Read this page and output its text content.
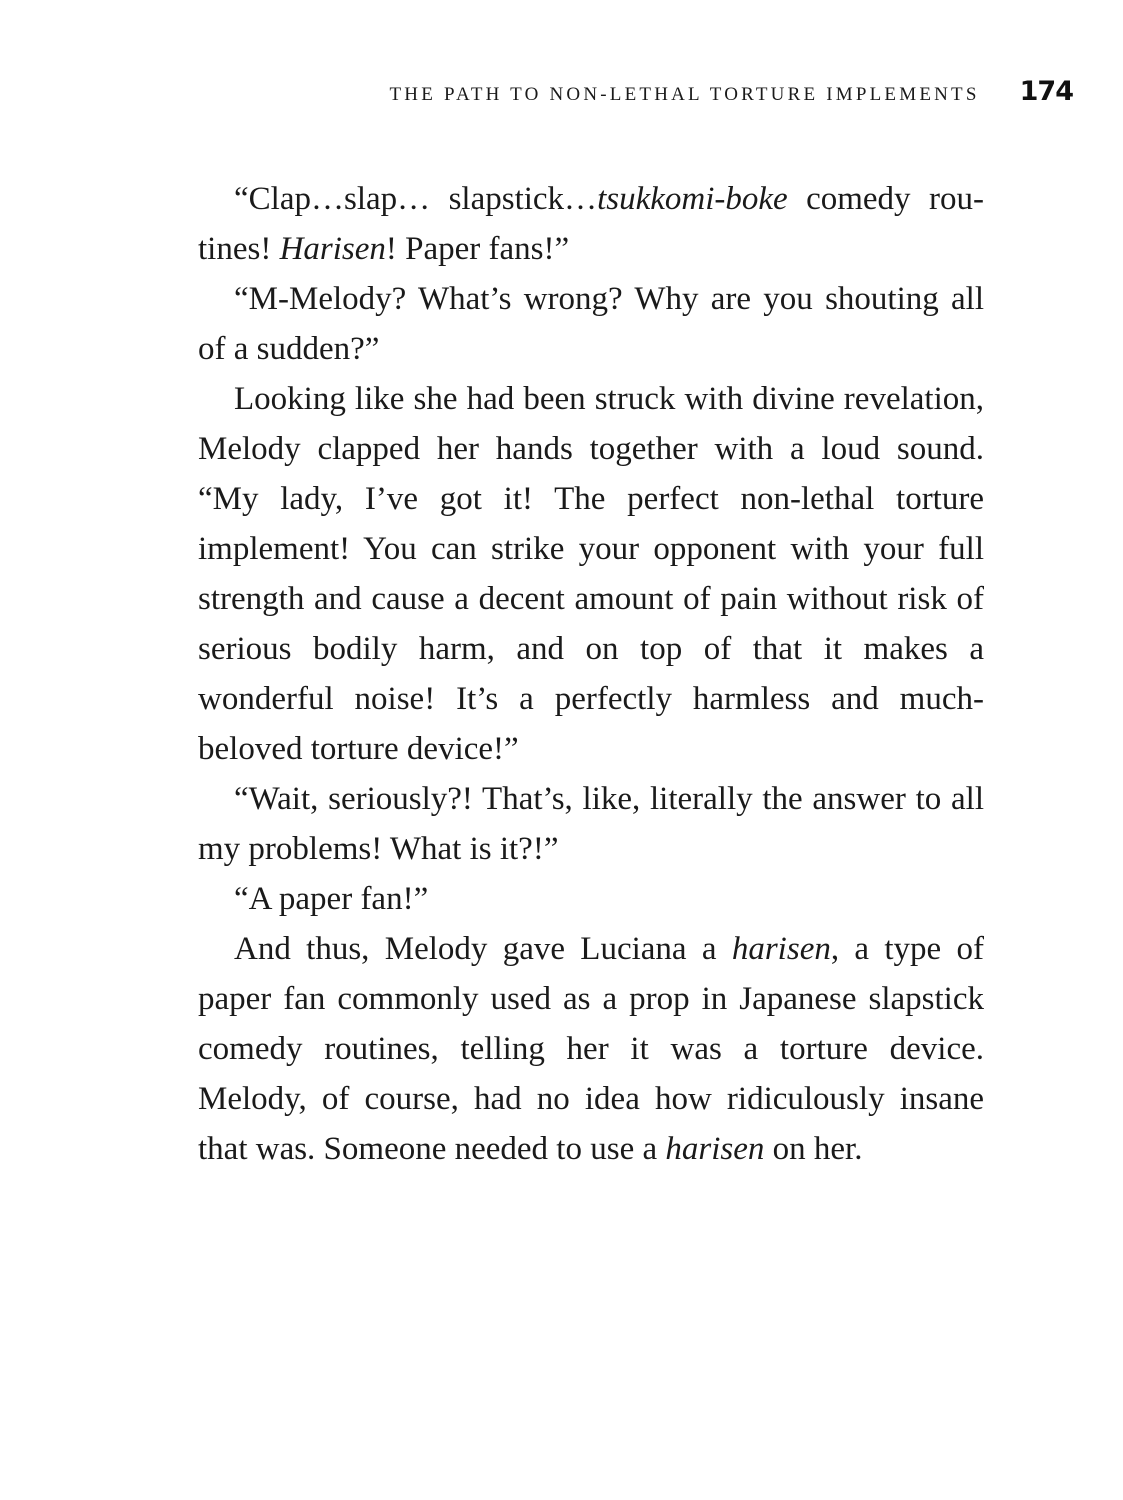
THE PATH TO NON-LETHAL TORTURE IMPLEMENTS 174

“Clap…slap… slapstick…tsukkomi-boke comedy routines! Harisen! Paper fans!”

“M-Melody? What’s wrong? Why are you shouting all of a sudden?”

Looking like she had been struck with divine revelation, Melody clapped her hands together with a loud sound. “My lady, I’ve got it! The perfect non-lethal torture implement! You can strike your opponent with your full strength and cause a decent amount of pain without risk of serious bodily harm, and on top of that it makes a wonderful noise! It’s a perfectly harmless and much-beloved torture device!”

“Wait, seriously?! That’s, like, literally the answer to all my problems! What is it?!”

“A paper fan!”

And thus, Melody gave Luciana a harisen, a type of paper fan commonly used as a prop in Japanese slapstick comedy routines, telling her it was a torture device. Melody, of course, had no idea how ridiculously insane that was. Someone needed to use a harisen on her.
